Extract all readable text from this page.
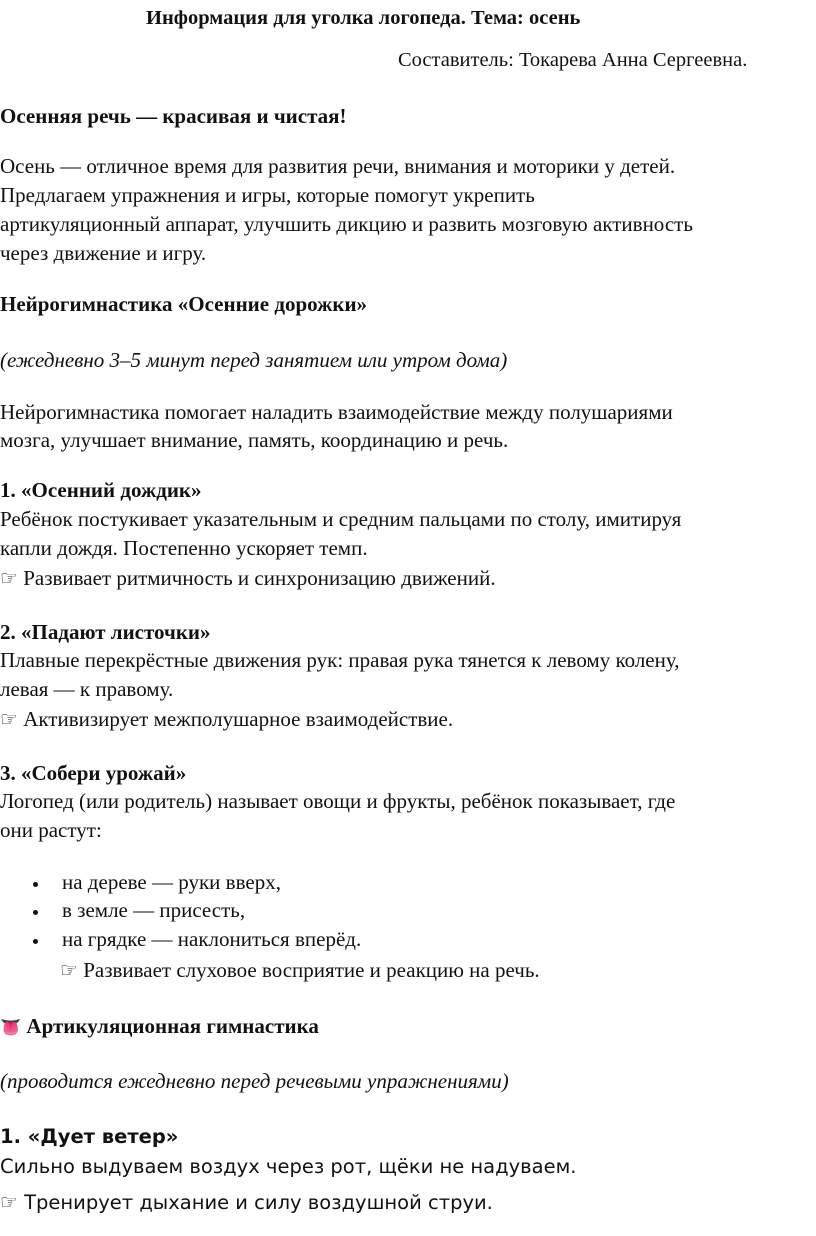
Информация для уголка логопеда. Тема: осень
Составитель: Токарева Анна Сергеевна.
Осенняя речь — красивая и чистая!
Осень — отличное время для развития речи, внимания и моторики у детей.
Предлагаем упражнения и игры, которые помогут укрепить
артикуляционный аппарат, улучшить дикцию и развить мозговую активность
через движение и игру.
Нейрогимнастика «Осенние дорожки»
(ежедневно 3–5 минут перед занятием или утром дома)
Нейрогимнастика помогает наладить взаимодействие между полушариями
мозга, улучшает внимание, память, координацию и речь.
1. «Осенний дождик»
Ребёнок постукивает указательным и средним пальцами по столу, имитируя
капли дождя. Постепенно ускоряет темп.
☞ Развивает ритмичность и синхронизацию движений.
2. «Падают листочки»
Плавные перекрёстные движения рук: правая рука тянется к левому колену,
левая — к правому.
☞ Активизирует межполушарное взаимодействие.
3. «Собери урожай»
Логопед (или родитель) называет овощи и фрукты, ребёнок показывает, где
они растут:
на дереве — руки вверх,
в земле — присесть,
на грядке — наклониться вперёд.
☞ Развивает слуховое восприятие и реакцию на речь.
👅 Артикуляционная гимнастика
(проводится ежедневно перед речевыми упражнениями)
1. «Дует ветер»
Сильно выдуваем воздух через рот, щёки не надуваем.
☞ Тренирует дыхание и силу воздушной струи.
